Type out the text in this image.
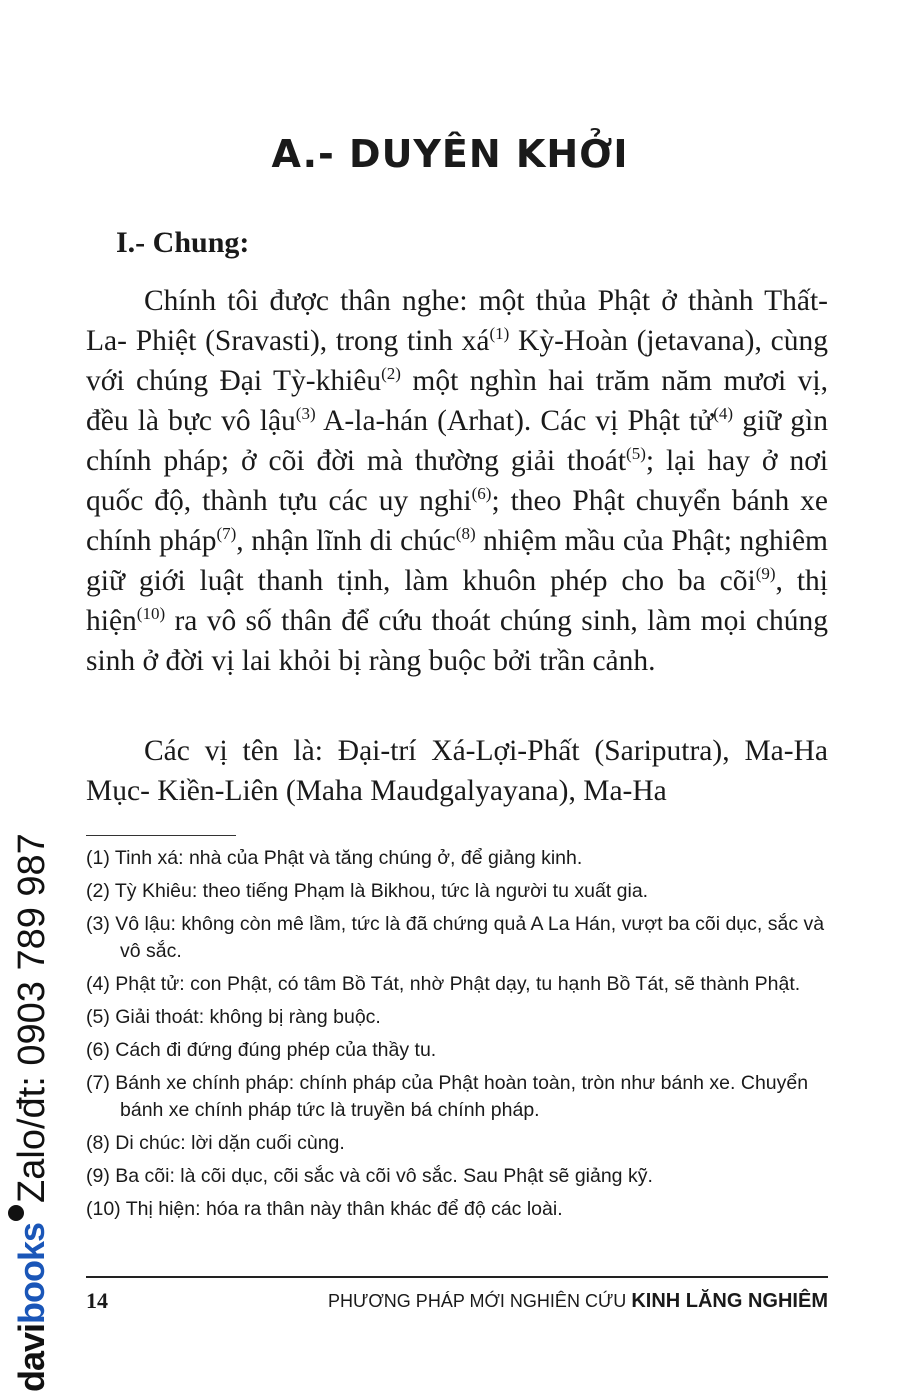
A.- DUYÊN KHỞI
I.- Chung:

Chính tôi được thân nghe: một thủa Phật ở thành Thất-La- Phiệt (Sravasti), trong tinh $xá^{(1)}$ Kỳ-Hoàn (jetavana), cùng với chúng Đại Tỳ-khiêu$^{(2)}$ một nghìn hai trăm năm mươi vị, đều là bực vô lậu$^{(3)}$ A-la-hán (Arhat). Các vị Phật tử$^{(4)}$ giữ gìn chính pháp; ở cõi đời mà thường giải thoát$^{(5)}$; lại hay ở nơi quốc độ, thành tựu các uy nghi$^{(6)}$; theo Phật chuyển bánh xe chính pháp$^{(7)}$, nhận lĩnh di chúc$^{(8)}$ nhiệm mầu của Phật; nghiêm giữ giới luật thanh tịnh, làm khuôn phép cho ba cõi$^{(9)}$, thị hiện$^{(10)}$ ra vô số thân để cứu thoát chúng sinh, làm mọi chúng sinh ở đời vị lai khỏi bị ràng buộc bởi trần cảnh.

Các vị tên là: Đại-trí Xá-Lợi-Phất (Sariputra), Ma-Ha Mục- Kiền-Liên (Maha Maudgalyayana), Ma-Ha

(1) Tinh xá: nhà của Phật và tăng chúng ở, để giảng kinh.
(2) Tỳ Khiêu: theo tiếng Phạm là Bikhou, tức là người tu xuất gia.
(3) Vô lậu: không còn mê lầm, tức là đã chứng quả A La Hán, vượt ba cõi dục, sắc và vô sắc.
(4) Phật tử: con Phật, có tâm Bồ Tát, nhờ Phật dạy, tu hạnh Bồ Tát, sẽ thành Phật.
(5) Giải thoát: không bị ràng buộc.
(6) Cách đi đứng đúng phép của thầy tu.
(7) Bánh xe chính pháp: chính pháp của Phật hoàn toàn, tròn như bánh xe. Chuyển bánh xe chính pháp tức là truyền bá chính pháp.
(8) Di chúc: lời dặn cuối cùng.
(9) Ba cõi: là cõi dục, cõi sắc và cõi vô sắc. Sau Phật sẽ giảng kỹ.
(10) Thị hiện: hóa ra thân này thân khác để độ các loài.
14	PHƯƠNG PHÁP MỚI NGHIÊN CỨU KINH LĂNG NGHIÊM
davibooksZalo/đt: 0903 789 987
